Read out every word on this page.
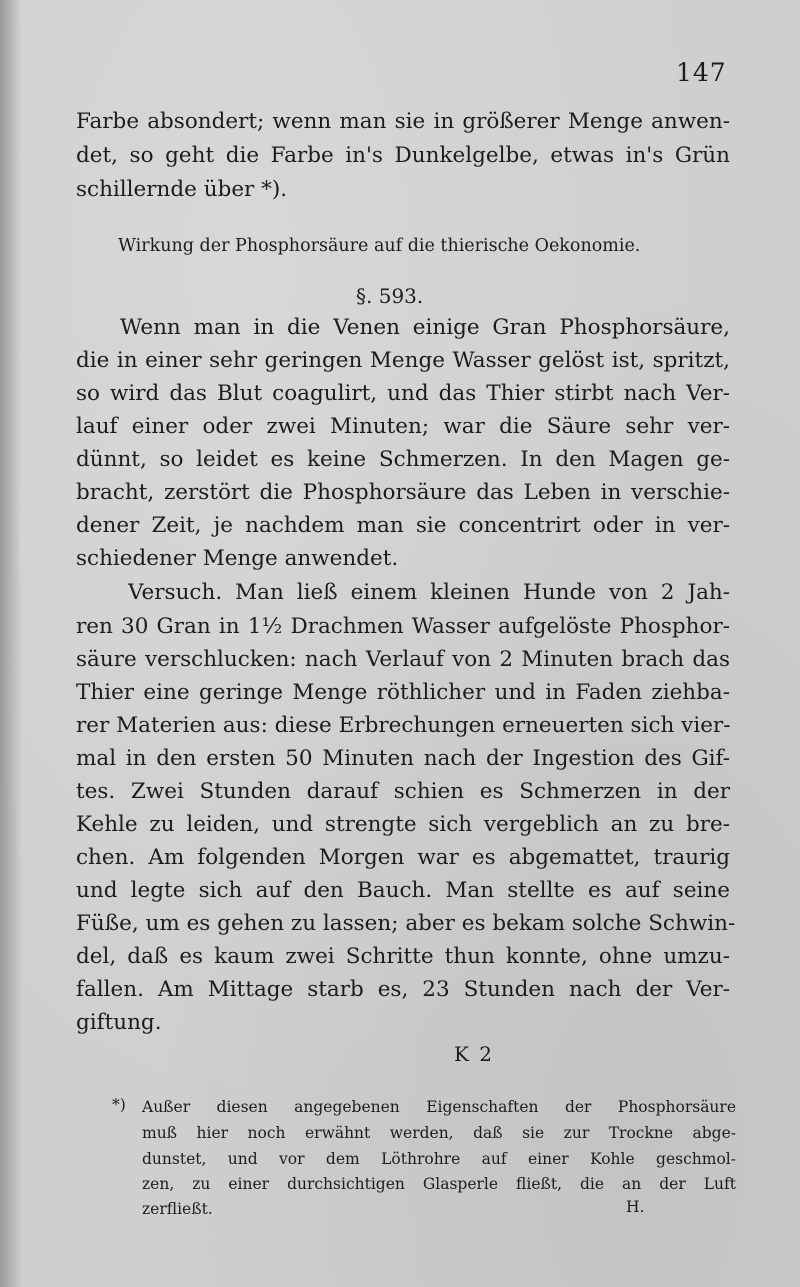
147
Farbe absondert; wenn man sie in größerer Menge anwen-
det, so geht die Farbe in's Dunkelgelbe, etwas in's Grün
schillernde über *).
Wirkung der Phosphorsäure auf die thierische Oekonomie.
§. 593.
Wenn man in die Venen einige Gran Phosphorsäure,
die in einer sehr geringen Menge Wasser gelöst ist, spritzt,
so wird das Blut coagulirt, und das Thier stirbt nach Ver-
lauf einer oder zwei Minuten; war die Säure sehr ver-
dünnt, so leidet es keine Schmerzen. In den Magen ge-
bracht, zerstört die Phosphorsäure das Leben in verschie-
dener Zeit, je nachdem man sie concentrirt oder in ver-
schiedener Menge anwendet.
Versuch. Man ließ einem kleinen Hunde von 2 Jah-
ren 30 Gran in 1½ Drachmen Wasser aufgelöste Phosphor-
säure verschlucken: nach Verlauf von 2 Minuten brach das
Thier eine geringe Menge röthlicher und in Faden ziehba-
rer Materien aus: diese Erbrechungen erneuerten sich vier-
mal in den ersten 50 Minuten nach der Ingestion des Gif-
tes. Zwei Stunden darauf schien es Schmerzen in der
Kehle zu leiden, und strengte sich vergeblich an zu bre-
chen. Am folgenden Morgen war es abgemattet, traurig
und legte sich auf den Bauch. Man stellte es auf seine
Füße, um es gehen zu lassen; aber es bekam solche Schwin-
del, daß es kaum zwei Schritte thun konnte, ohne umzu-
fallen. Am Mittage starb es, 23 Stunden nach der Ver-
giftung.
K 2
*) Außer diesen angegebenen Eigenschaften der Phosphorsäure
muß hier noch erwähnt werden, daß sie zur Trockne abge-
dunstet, und vor dem Löthrohre auf einer Kohle geschmol-
zen, zu einer durchsichtigen Glasperle fließt, die an der Luft
zerfließt.	H.
